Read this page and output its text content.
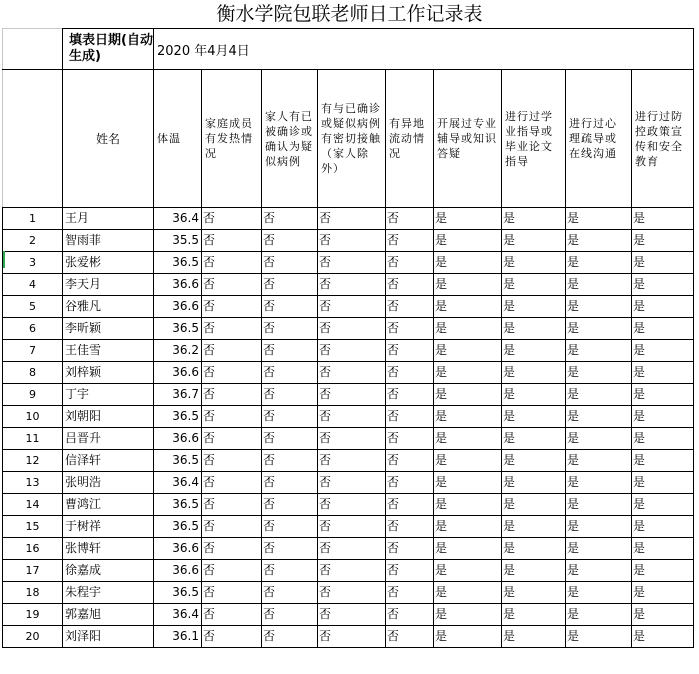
衡水学院包联老师日工作记录表
	填表日期(自动生成)	2020 年4月4日								
	姓名	体温	家庭成员有发热情况	家人有已被确诊或确认为疑似病例	有与已确诊或疑似病例有密切接触（家人除外）	有异地流动情况	开展过专业辅导或知识答疑	进行过学业指导或毕业论文指导	进行过心理疏导或在线沟通	进行过防控政策宣传和安全教育
1	王月	36.4	否	否	否	否	是	是	是	是
2	智雨菲	35.5	否	否	否	否	是	是	是	是
3	张爱彬	36.5	否	否	否	否	是	是	是	是
4	李天月	36.6	否	否	否	否	是	是	是	是
5	谷雅凡	36.6	否	否	否	否	是	是	是	是
6	李昕颖	36.5	否	否	否	否	是	是	是	是
7	王佳雪	36.2	否	否	否	否	是	是	是	是
8	刘梓颖	36.6	否	否	否	否	是	是	是	是
9	丁宇	36.7	否	否	否	否	是	是	是	是
10	刘朝阳	36.5	否	否	否	否	是	是	是	是
11	吕晋升	36.6	否	否	否	否	是	是	是	是
12	信泽轩	36.5	否	否	否	否	是	是	是	是
13	张明浩	36.4	否	否	否	否	是	是	是	是
14	曹鸿江	36.5	否	否	否	否	是	是	是	是
15	于树祥	36.5	否	否	否	否	是	是	是	是
16	张博轩	36.6	否	否	否	否	是	是	是	是
17	徐嘉成	36.6	否	否	否	否	是	是	是	是
18	朱程宇	36.5	否	否	否	否	是	是	是	是
19	郭嘉旭	36.4	否	否	否	否	是	是	是	是
20	刘泽阳	36.1	否	否	否	否	是	是	是	是
